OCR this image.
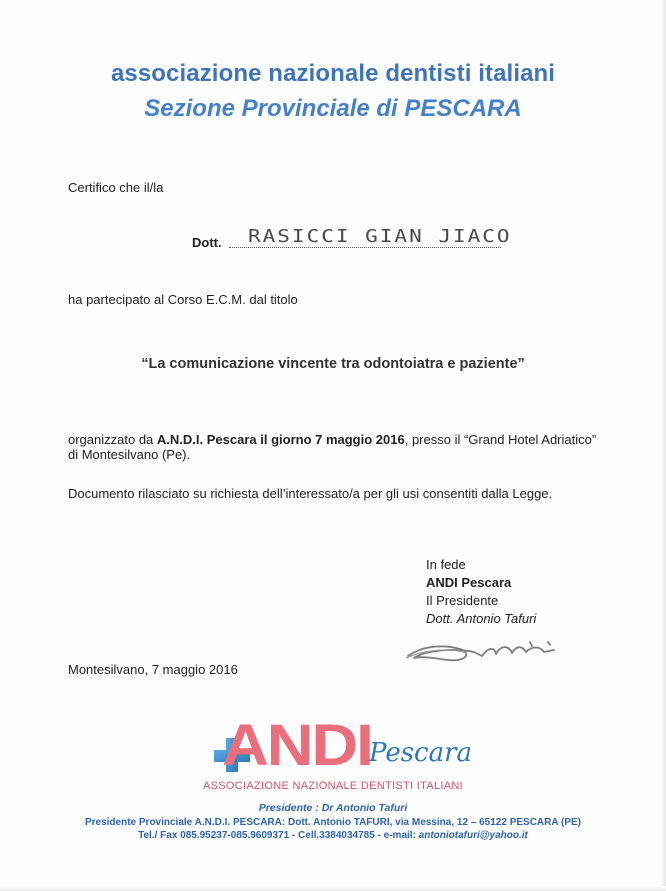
associazione nazionale dentisti italiani
Sezione Provinciale di PESCARA
Certifico che il/la
Dott. RASICCI GIAN JIACO
ha partecipato al Corso E.C.M. dal titolo
“La comunicazione vincente tra odontoiatra e paziente”
organizzato da A.N.D.I. Pescara il giorno 7 maggio 2016, presso il “Grand Hotel Adriatico”
di Montesilvano (Pe).
Documento rilasciato su richiesta dell’interessato/a per gli usi consentiti dalla Legge.
In fede
ANDI Pescara
Il Presidente
Dott. Antonio Tafuri
Montesilvano, 7 maggio 2016
ANDI
Pescara
ASSOCIAZIONE NAZIONALE DENTISTI ITALIANI
Presidente : Dr Antonio Tafuri
Presidente Provinciale A.N.D.I. PESCARA: Dott. Antonio TAFURI, via Messina, 12 – 65122 PESCARA (PE)
Tel./ Fax 085.95237-085.9609371 - Cell.3384034785 - e-mail: antoniotafuri@yahoo.it
